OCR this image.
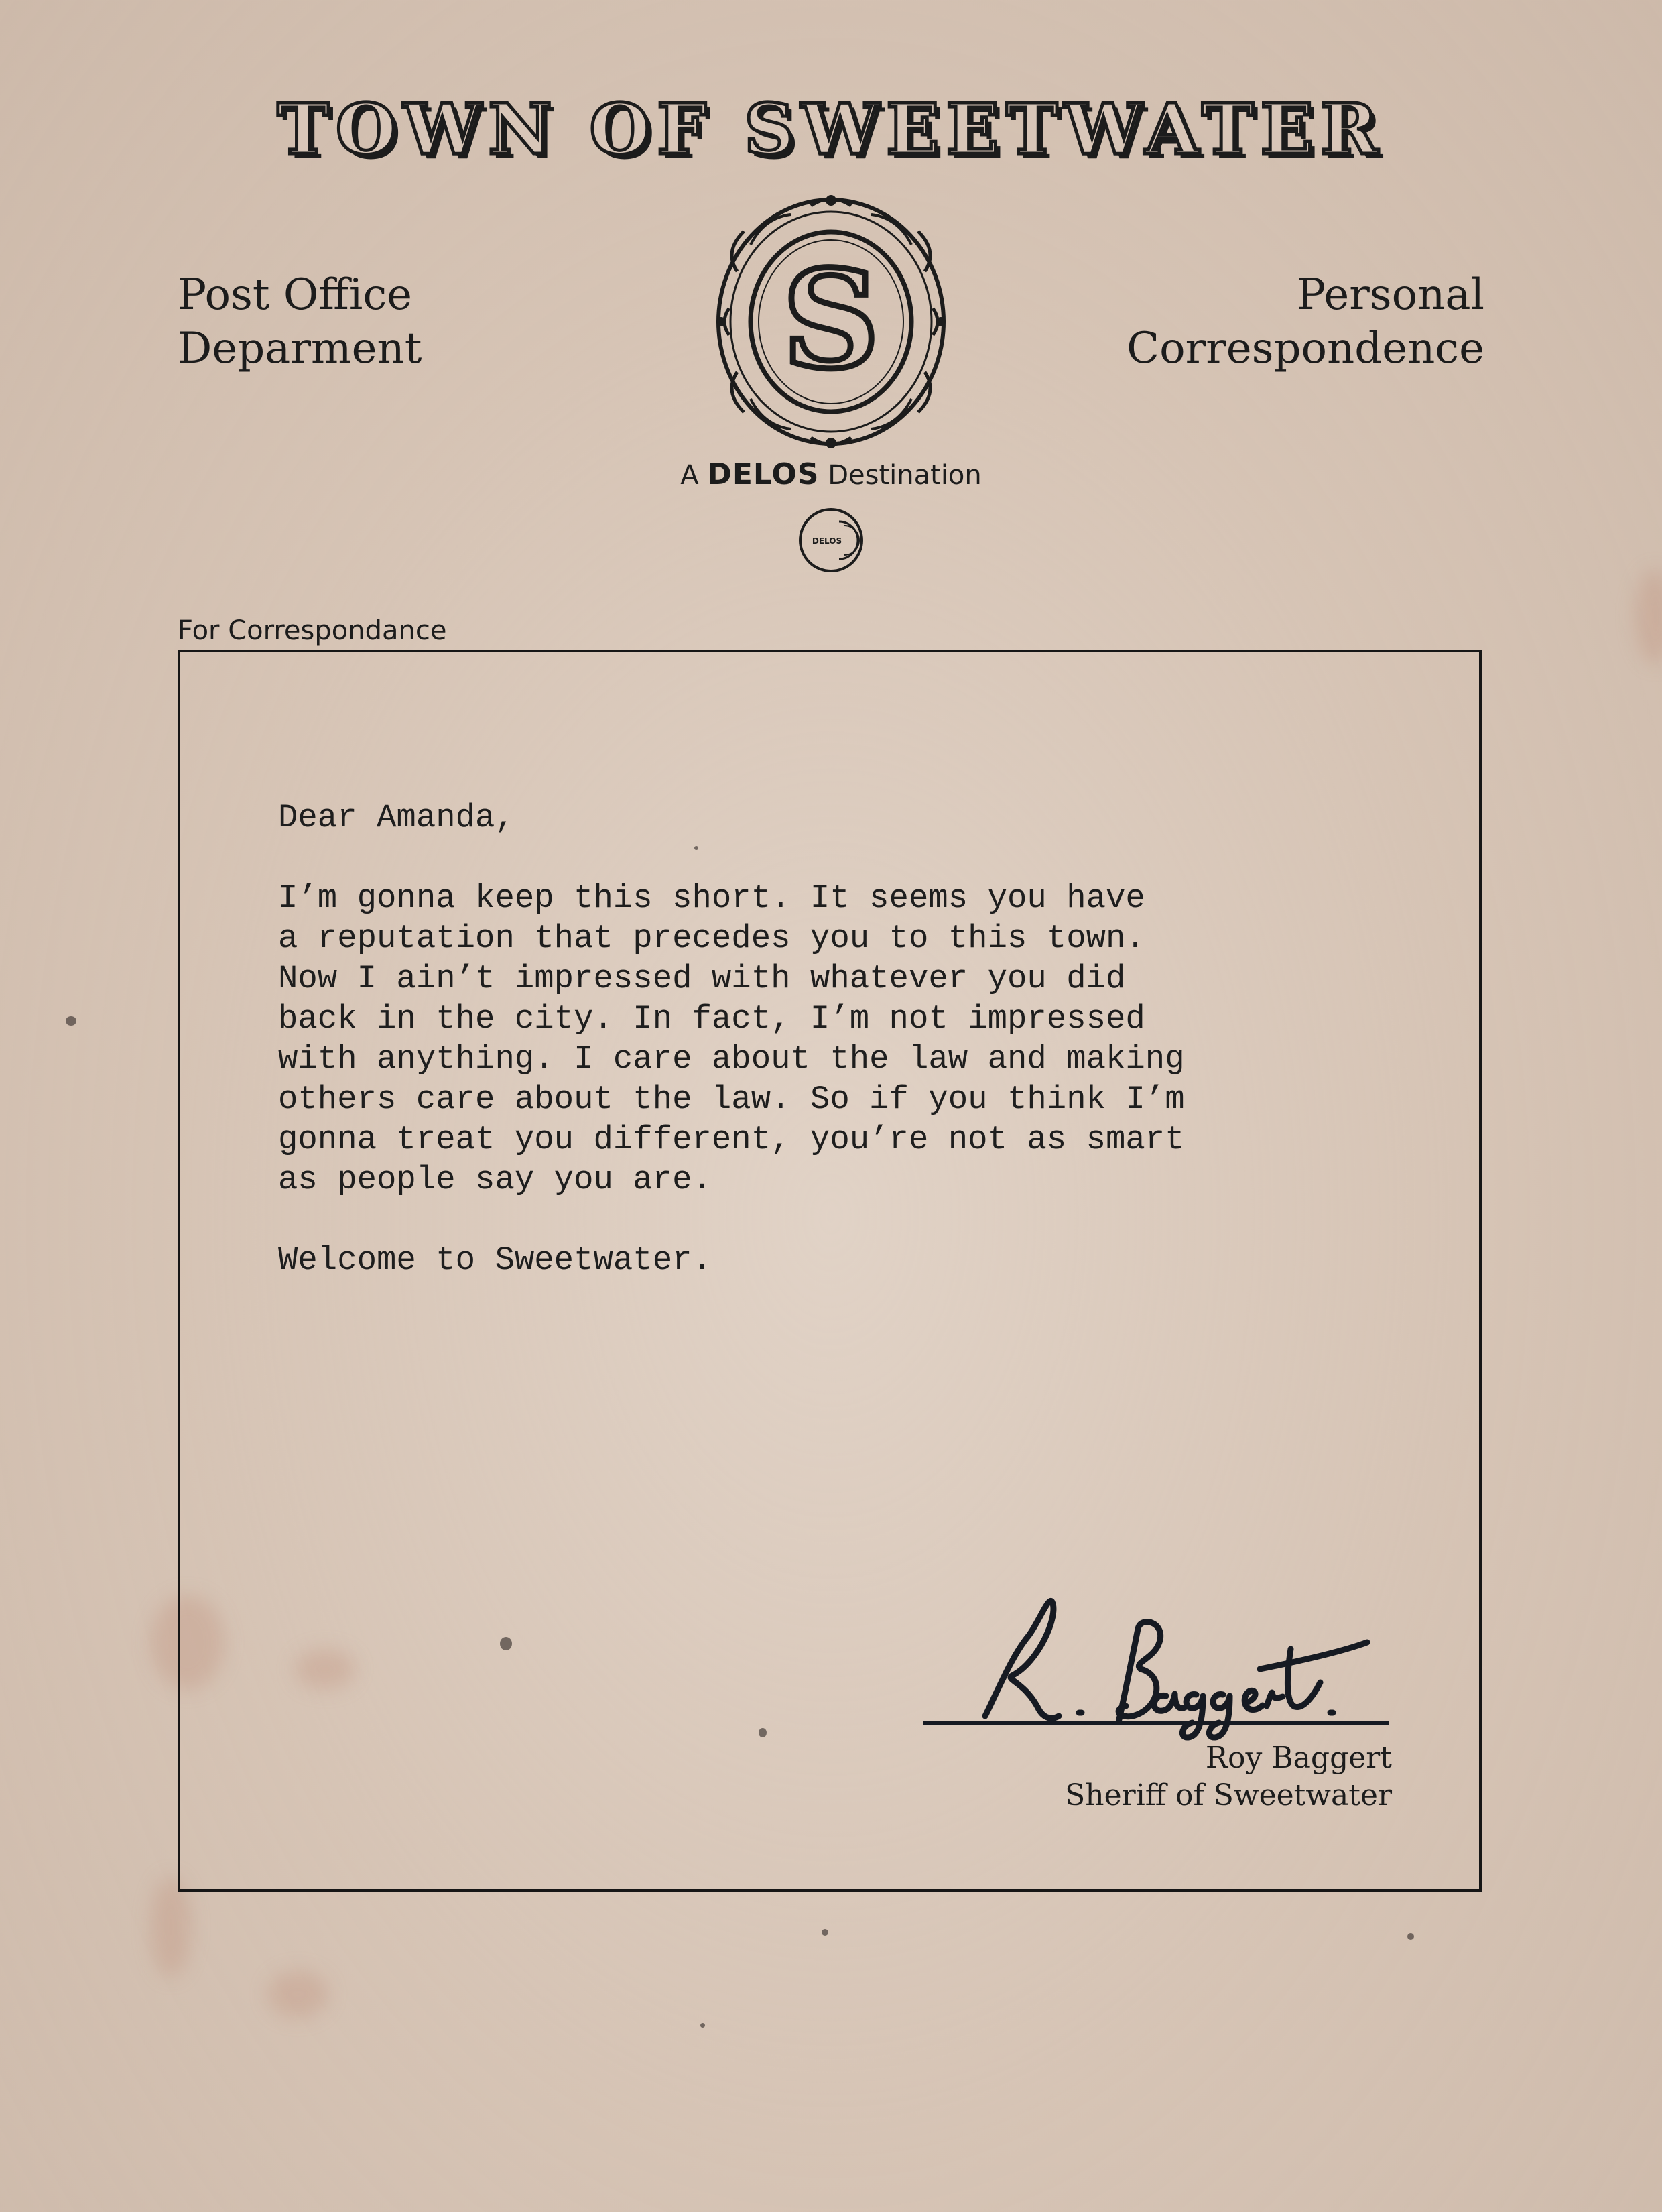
TOWN OF SWEETWATER
Post Office
Deparment
Personal
Correspondence
S
A DELOS Destination
DELOS
For Correspondance

Dear Amanda,

I’m gonna keep this short. It seems you have
a reputation that precedes you to this town.
Now I ain’t impressed with whatever you did
back in the city. In fact, I’m not impressed
with anything. I care about the law and making
others care about the law. So if you think I’m
gonna treat you different, you’re not as smart
as people say you are.

Welcome to Sweetwater.

Roy Baggert
Sheriff of Sweetwater
